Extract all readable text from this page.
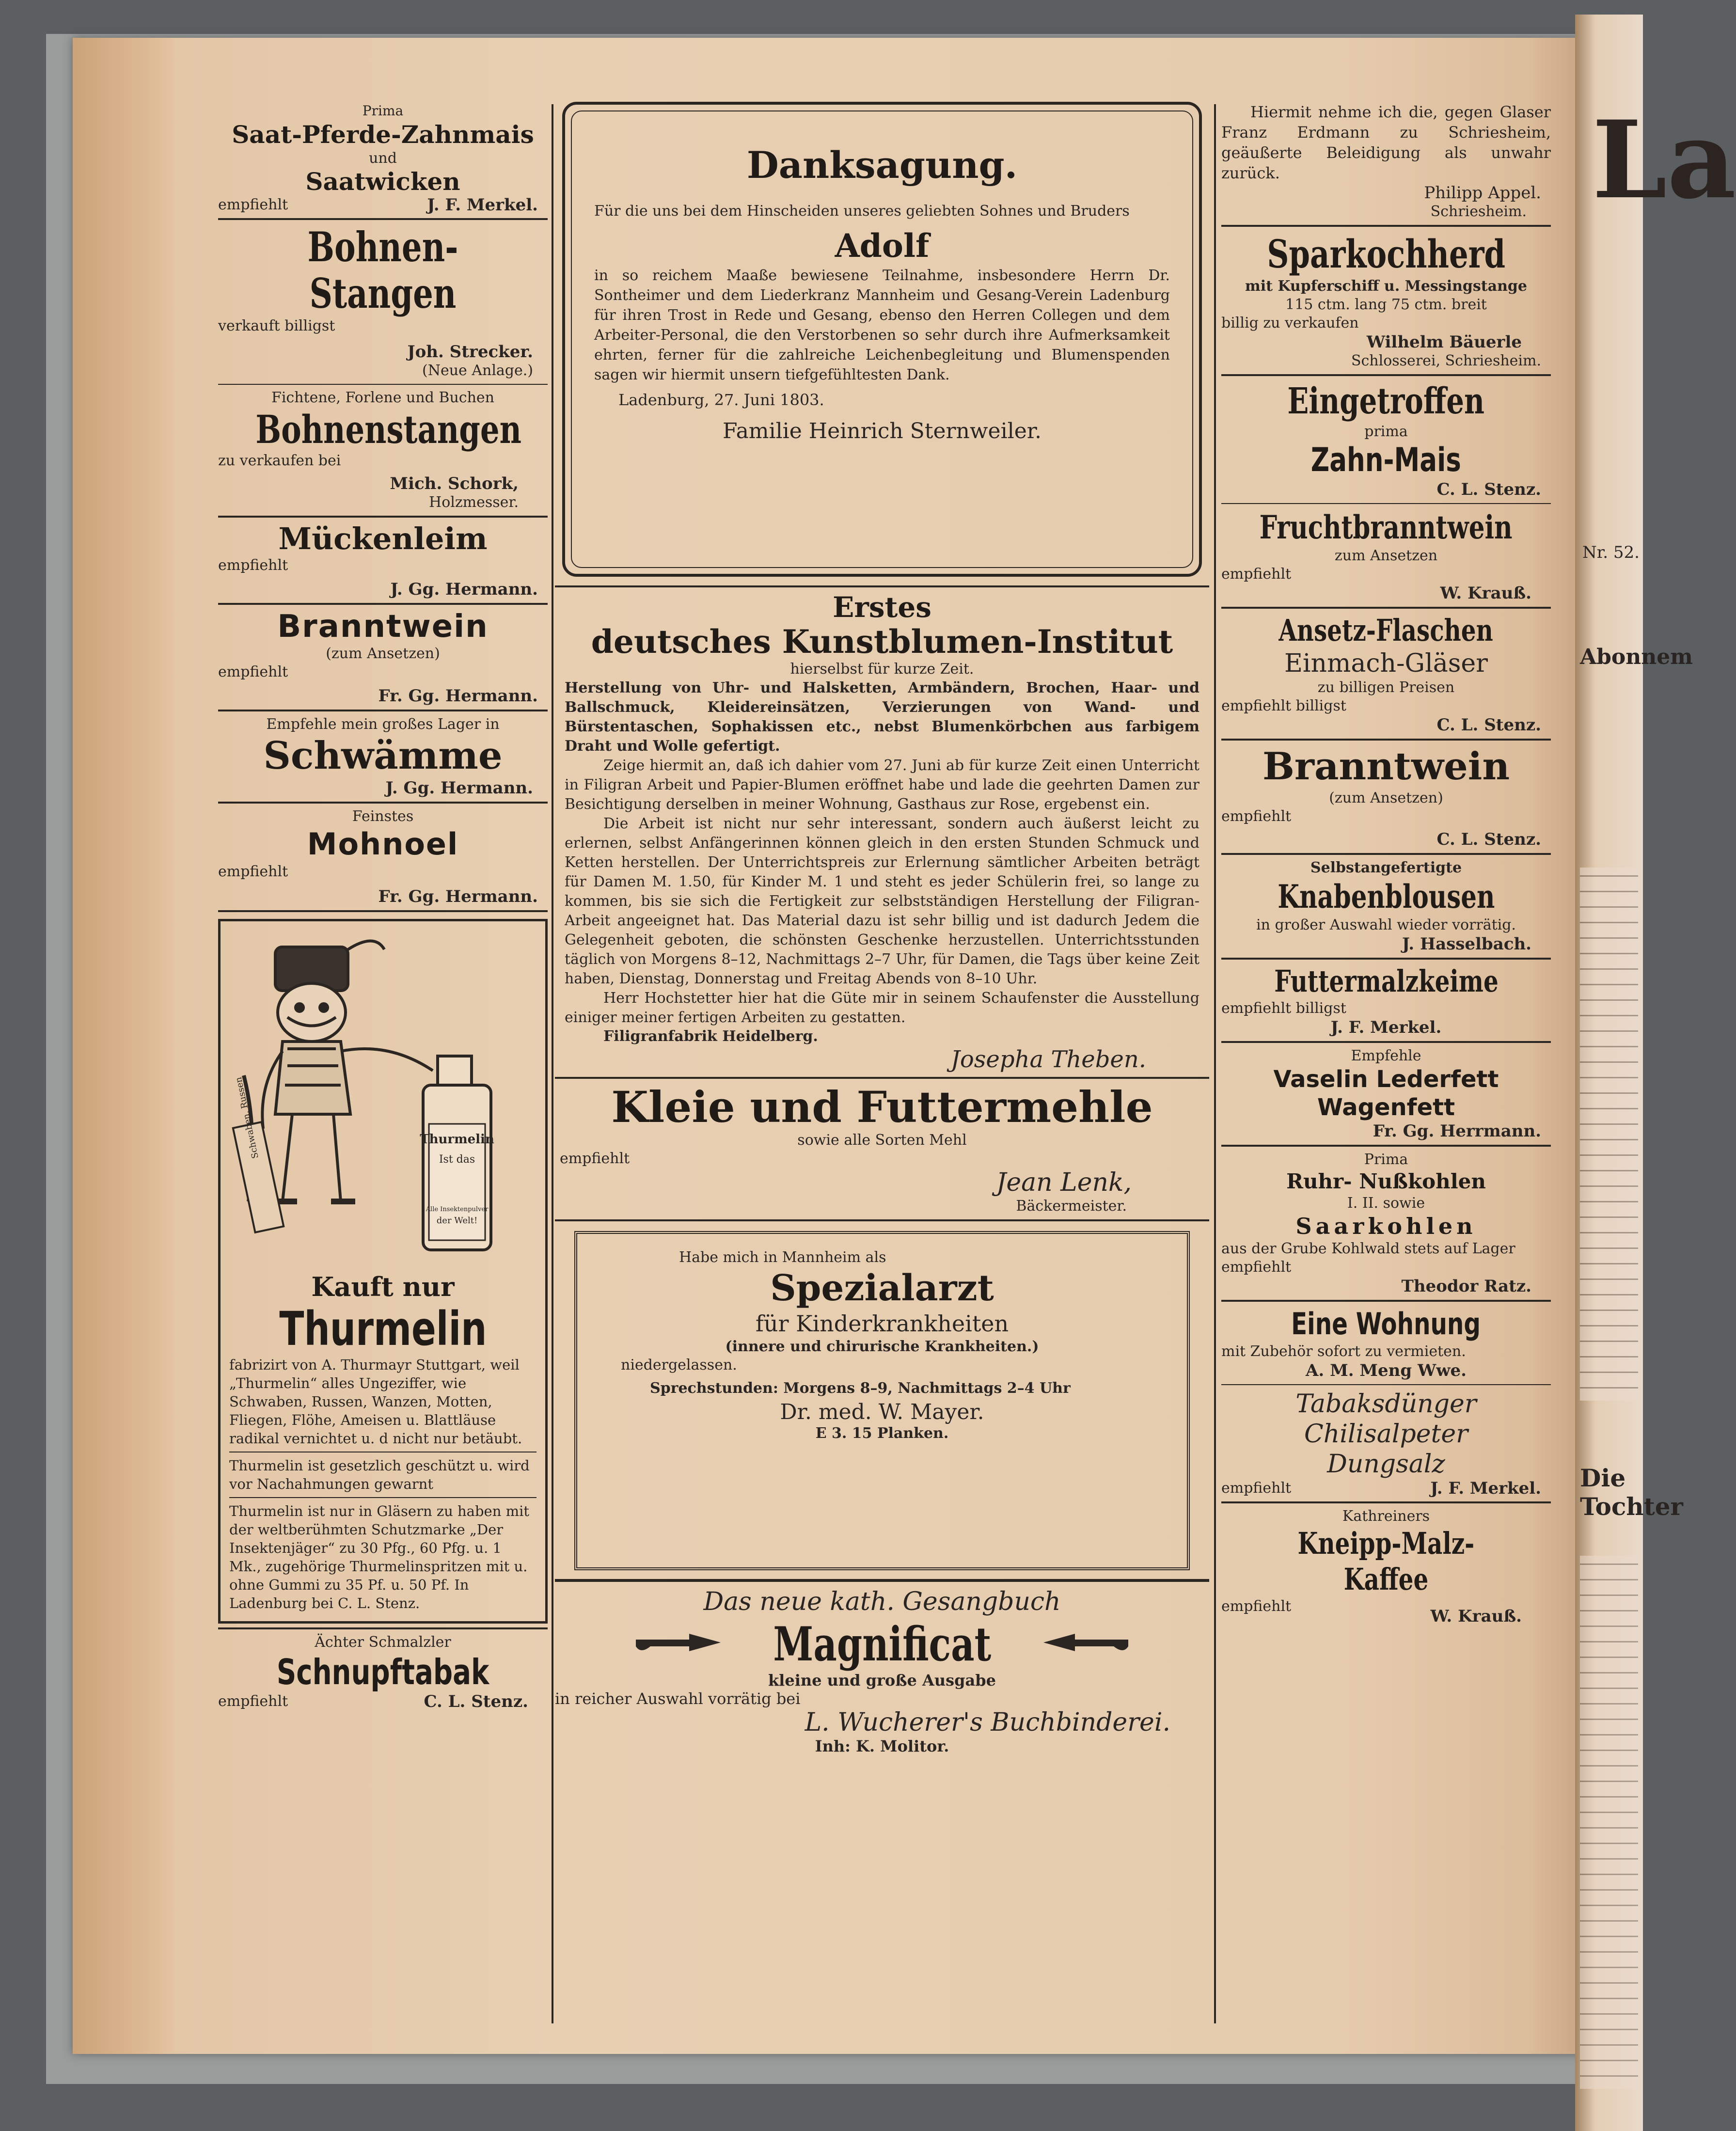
La
Nr. 52.
Abonnem
Die Tochter
Prima
Saat-Pferde-Zahnmais
und
Saatwicken
empfiehlt	J. F. Merkel.
Bohnen-Stangen
verkauft billigst
Joh. Strecker.
(Neue Anlage.)
Fichtene, Forlene und Buchen
Bohnenstangen
zu verkaufen bei
Mich. Schork,
Holzmesser.
Mückenleim
empfiehlt
J. Gg. Hermann.
Branntwein
(zum Ansetzen)
empfiehlt
Fr. Gg. Hermann.
Empfehle mein großes Lager in
Schwämme
J. Gg. Hermann.
Feinstes
Mohnoel
empfiehlt
Fr. Gg. Hermann.
Schwaben, Russen	Thurmelin
Ist das
Alle Insektenpulver
der Welt!
Kauft nur
Thurmelin
fabrizirt von A. Thurmayr Stuttgart, weil „Thurmelin“ alles Ungeziffer, wie Schwaben, Russen, Wanzen, Motten, Fliegen, Flöhe, Ameisen u. Blattläuse radikal vernichtet u. d nicht nur betäubt.
Thurmelin ist gesetzlich geschützt u. wird vor Nachahmungen gewarnt
Thurmelin ist nur in Gläsern zu haben mit der weltberühmten Schutzmarke „Der Insektenjäger“ zu 30 Pfg., 60 Pfg. u. 1 Mk., zugehörige Thurmelinspritzen mit u. ohne Gummi zu 35 Pf. u. 50 Pf. In Ladenburg bei C. L. Stenz.
Ächter Schmalzler
Schnupftabak
empfiehlt	C. L. Stenz.
Danksagung.
Für die uns bei dem Hinscheiden unseres geliebten Sohnes und Bruders
Adolf
in so reichem Maaße bewiesene Teilnahme, insbesondere Herrn Dr. Sontheimer und dem Liederkranz Mannheim und Gesang-Verein Ladenburg für ihren Trost in Rede und Gesang, ebenso den Herren Collegen und dem Arbeiter-Personal, die den Verstorbenen so sehr durch ihre Aufmerksamkeit ehrten, ferner für die zahlreiche Leichenbegleitung und Blumenspenden sagen wir hiermit unsern tiefgefühltesten Dank.
Ladenburg, 27. Juni 1803.
Familie Heinrich Sternweiler.
Erstes
deutsches Kunstblumen-Institut
hierselbst für kurze Zeit.
Herstellung von Uhr- und Halsketten, Armbändern, Brochen, Haar- und Ballschmuck, Kleidereinsätzen, Verzierungen von Wand- und Bürstentaschen, Sophakissen etc., nebst Blumenkörbchen aus farbigem Draht und Wolle gefertigt.
Zeige hiermit an, daß ich dahier vom 27. Juni ab für kurze Zeit einen Unterricht in Filigran Arbeit und Papier-Blumen eröffnet habe und lade die geehrten Damen zur Besichtigung derselben in meiner Wohnung, Gasthaus zur Rose, ergebenst ein.
Die Arbeit ist nicht nur sehr interessant, sondern auch äußerst leicht zu erlernen, selbst Anfängerinnen können gleich in den ersten Stunden Schmuck und Ketten herstellen. Der Unterrichtspreis zur Erlernung sämtlicher Arbeiten beträgt für Damen M. 1.50, für Kinder M. 1 und steht es jeder Schülerin frei, so lange zu kommen, bis sie sich die Fertigkeit zur selbstständigen Herstellung der Filigran-Arbeit angeeignet hat. Das Material dazu ist sehr billig und ist dadurch Jedem die Gelegenheit geboten, die schönsten Geschenke herzustellen. Unterrichtsstunden täglich von Morgens 8–12, Nachmittags 2–7 Uhr, für Damen, die Tags über keine Zeit haben, Dienstag, Donnerstag und Freitag Abends von 8–10 Uhr.
Herr Hochstetter hier hat die Güte mir in seinem Schaufenster die Ausstellung einiger meiner fertigen Arbeiten zu gestatten.
Filigranfabrik Heidelberg.
Josepha Theben.
Kleie und Futtermehle
sowie alle Sorten Mehl
empfiehlt
Jean Lenk,
Bäckermeister.
Habe mich in Mannheim als
Spezialarzt
für Kinderkrankheiten
(innere und chirurische Krankheiten.)
niedergelassen.
Sprechstunden: Morgens 8–9, Nachmittags 2–4 Uhr
Dr. med. W. Mayer.
E 3. 15 Planken.
Das neue kath. Gesangbuch
Magnificat
kleine und große Ausgabe
in reicher Auswahl vorrätig bei
L. Wucherer's Buchbinderei.
Inh: K. Molitor.
Hiermit nehme ich die, gegen Glaser Franz Erdmann zu Schriesheim, geäußerte Beleidigung als unwahr zurück.
Philipp Appel.
Schriesheim.
Sparkochherd
mit Kupferschiff u. Messingstange
115 ctm. lang 75 ctm. breit
billig zu verkaufen
Wilhelm Bäuerle
Schlosserei, Schriesheim.
Eingetroffen
prima
Zahn-Mais
C. L. Stenz.
Fruchtbranntwein
zum Ansetzen
empfiehlt
W. Krauß.
Ansetz-Flaschen
Einmach-Gläser
zu billigen Preisen
empfiehlt billigst
C. L. Stenz.
Branntwein
(zum Ansetzen)
empfiehlt
C. L. Stenz.
Selbstangefertigte
Knabenblousen
in großer Auswahl wieder vorrätig.
J. Hasselbach.
Futtermalzkeime
empfiehlt billigst
J. F. Merkel.
Empfehle
Vaselin Lederfett
Wagenfett
Fr. Gg. Herrmann.
Prima
Ruhr- Nußkohlen
I. II. sowie
Saarkohlen
aus der Grube Kohlwald stets auf Lager
empfiehlt
Theodor Ratz.
Eine Wohnung
mit Zubehör sofort zu vermieten.
A. M. Meng Wwe.
Tabaksdünger
Chilisalpeter
Dungsalz
empfiehlt	J. F. Merkel.
Kathreiners
Kneipp-Malz-
Kaffee
empfiehlt
W. Krauß.
